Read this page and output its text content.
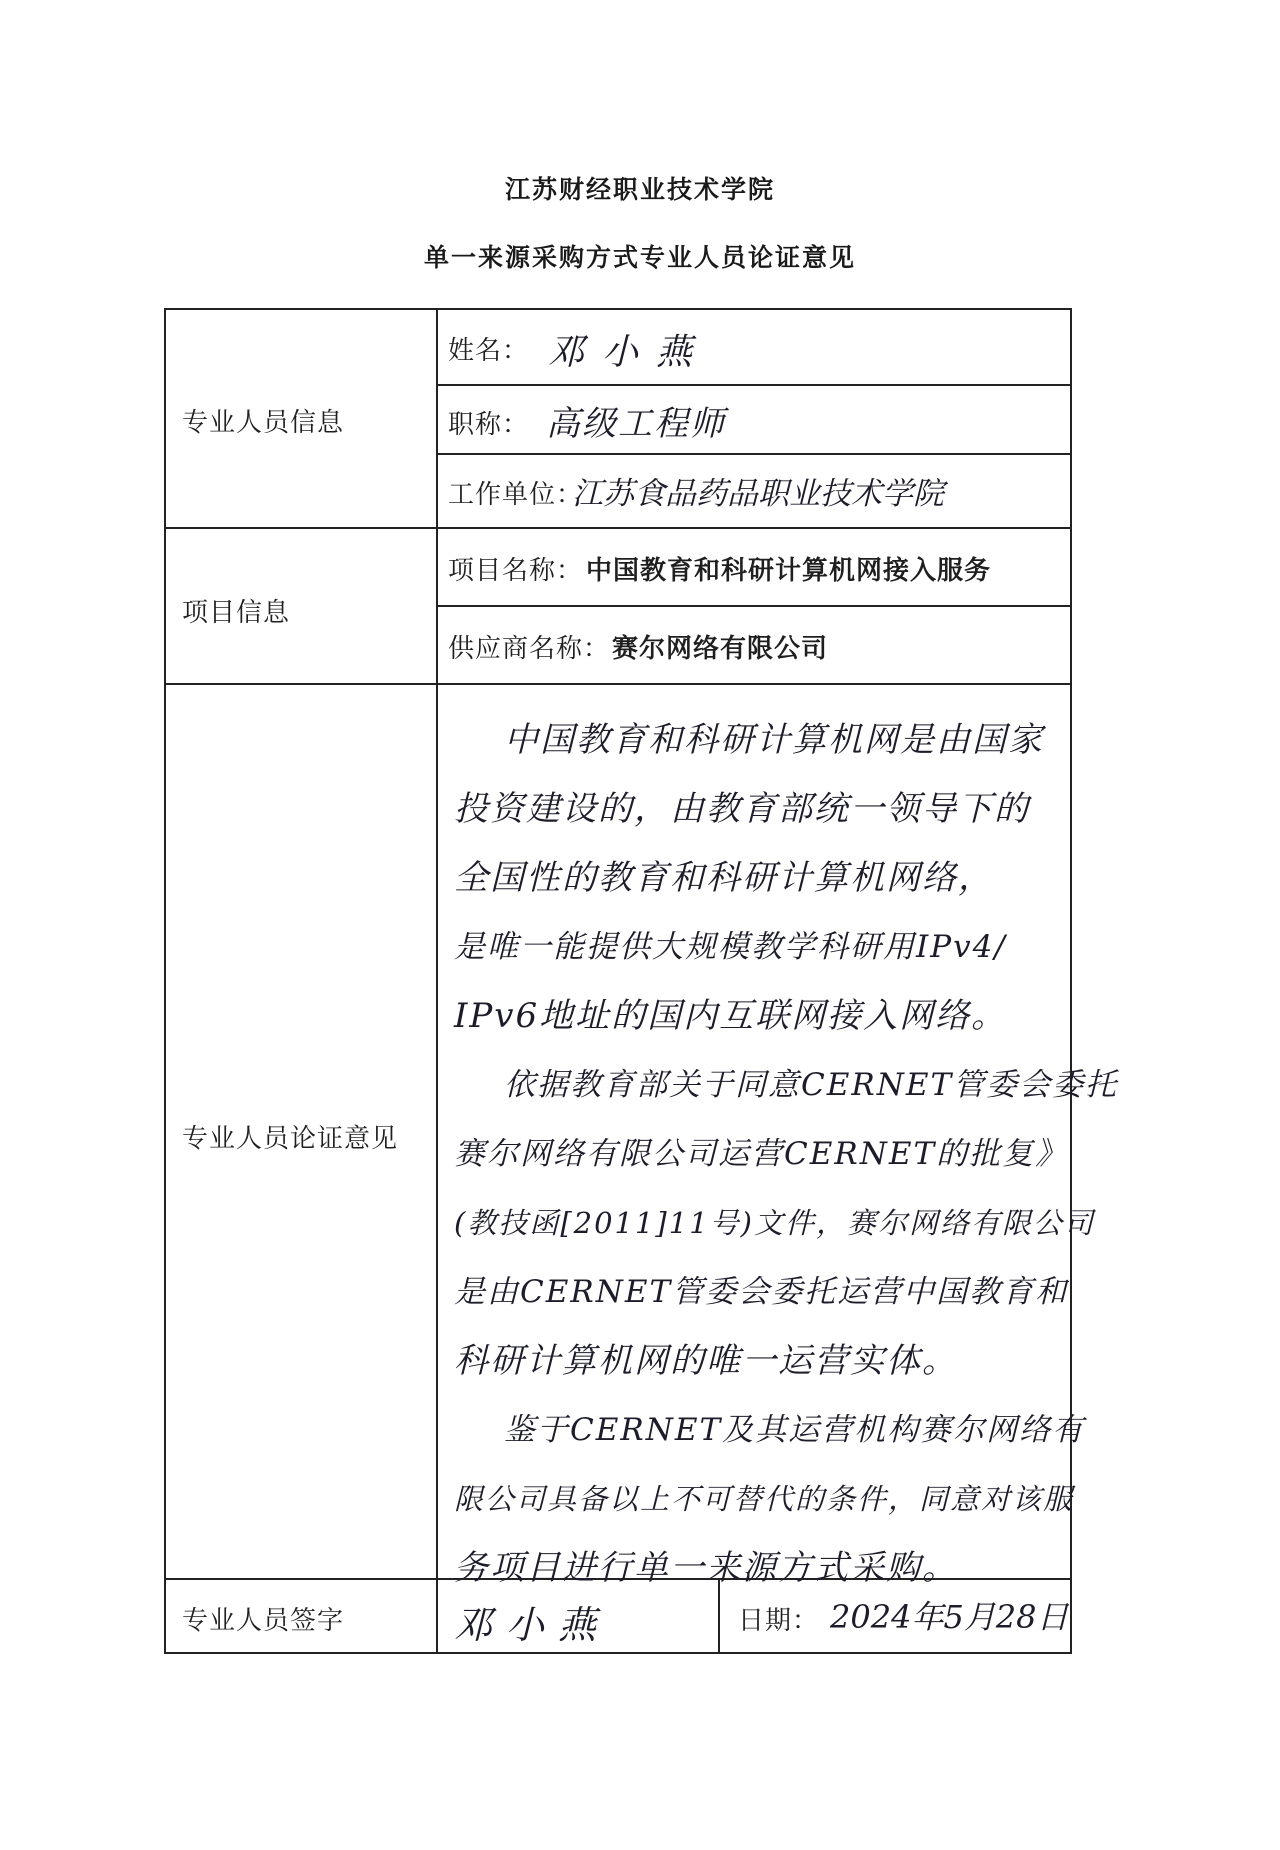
江苏财经职业技术学院
单一来源采购方式专业人员论证意见
专业人员信息
姓名： 邓小燕
职称： 高级工程师
工作单位：
江苏食品药品职业技术学院
项目信息
项目名称： 中国教育和科研计算机网接入服务
供应商名称： 赛尔网络有限公司
专业人员论证意见

中国教育和科研计算机网是由国家

投资建设的，由教育部统一领导下的

全国性的教育和科研计算机网络，

是唯一能提供大规模教学科研用IPv4/

IPv6地址的国内互联网接入网络。

依据教育部关于同意CERNET管委会委托

赛尔网络有限公司运营CERNET的批复》

(教技函[2011]11号)文件，赛尔网络有限公司

是由CERNET管委会委托运营中国教育和

科研计算机网的唯一运营实体。

鉴于CERNET及其运营机构赛尔网络有

限公司具备以上不可替代的条件，同意对该服

务项目进行单一来源方式采购。

专业人员签字	邓小燕	日期： 2024年5月28日
